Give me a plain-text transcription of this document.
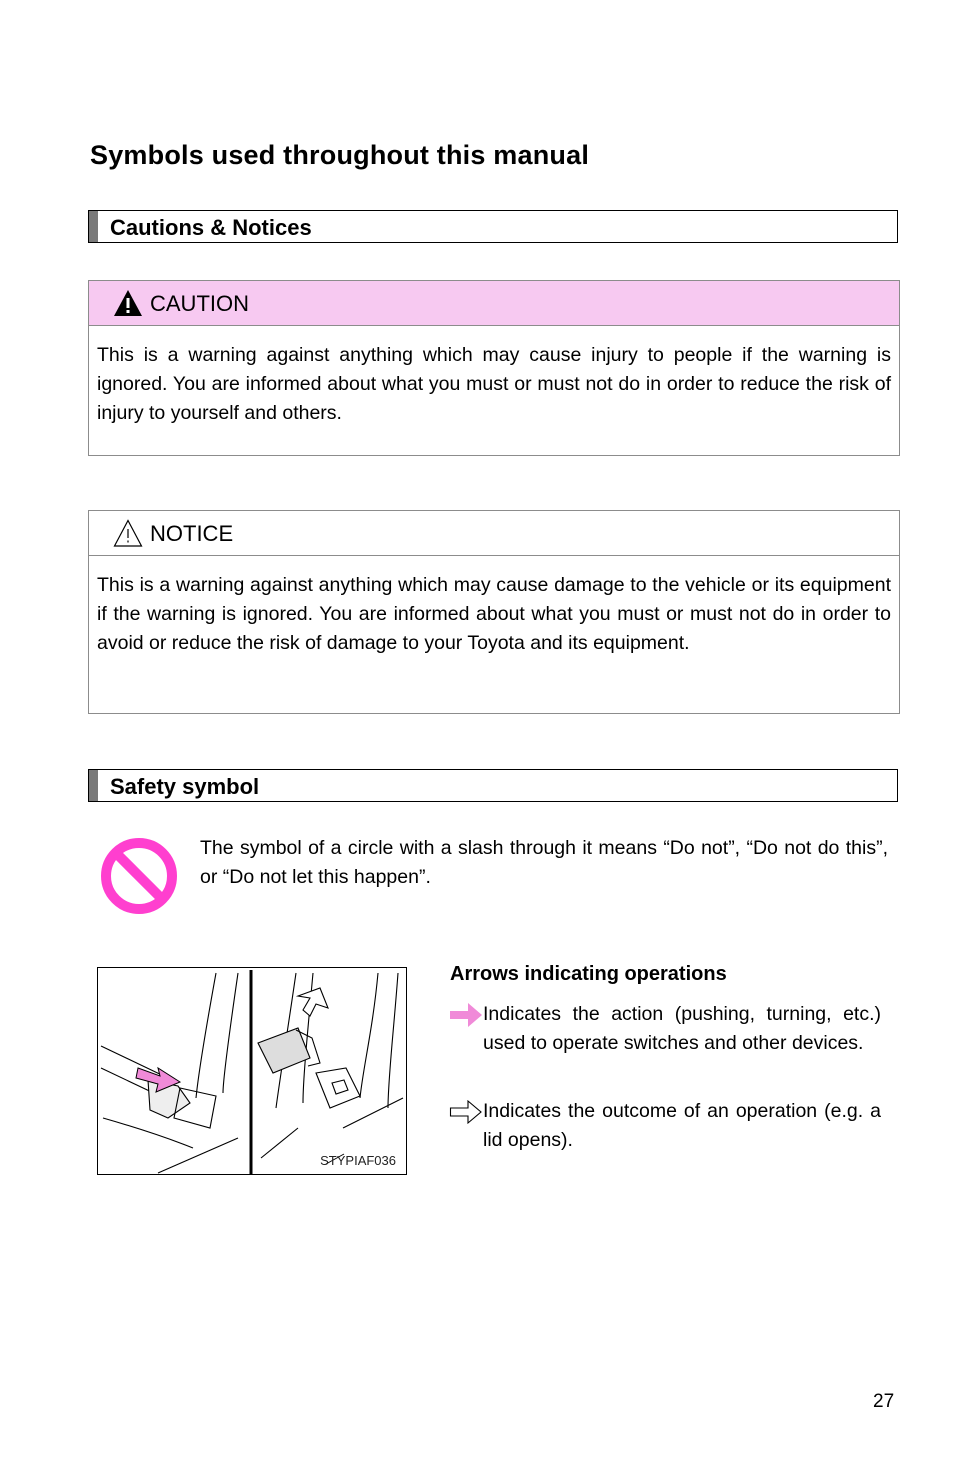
Symbols used throughout this manual
Cautions & Notices
CAUTION
This is a warning against anything which may cause injury to people if the warning is ignored. You are informed about what you must or must not do in order to reduce the risk of injury to yourself and others.
NOTICE
This is a warning against anything which may cause damage to the vehicle or its equipment if the warning is ignored. You are informed about what you must or must not do in order to avoid or reduce the risk of damage to your Toyota and its equipment.
Safety symbol
The symbol of a circle with a slash through it means “Do not”, “Do not do this”, or “Do not let this happen”.
STYPIAF036
Arrows indicating operations
Indicates the action (pushing, turning, etc.) used to operate switches and other devices.
Indicates the outcome of an operation (e.g. a lid opens).
27
